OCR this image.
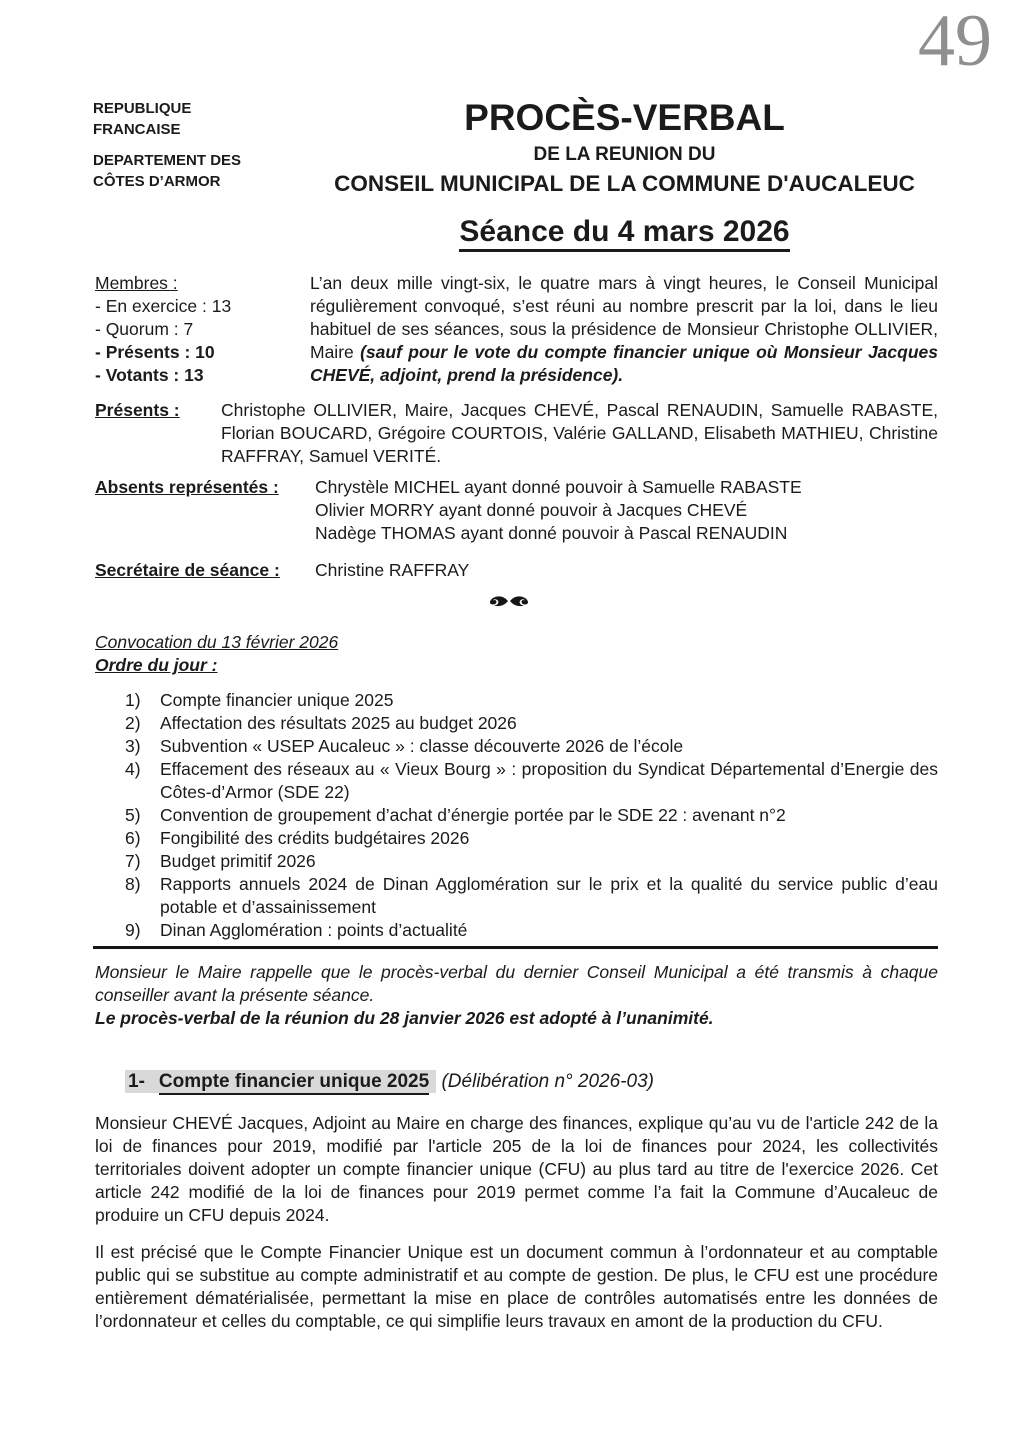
49
REPUBLIQUE
FRANCAISE
DEPARTEMENT DES
CÔTES D’ARMOR
PROCÈS-VERBAL
DE LA REUNION DU
CONSEIL MUNICIPAL DE LA COMMUNE D'AUCALEUC
Séance du 4 mars 2026
Membres :
- En exercice : 13
- Quorum : 7
- Présents : 10
- Votants : 13
L’an deux mille vingt-six, le quatre mars à vingt heures, le Conseil Municipal régulièrement convoqué, s’est réuni au nombre prescrit par la loi, dans le lieu habituel de ses séances, sous la présidence de Monsieur Christophe OLLIVIER, Maire (sauf pour le vote du compte financier unique où Monsieur Jacques CHEVÉ, adjoint, prend la présidence).
Présents :	Christophe OLLIVIER, Maire, Jacques CHEVÉ, Pascal RENAUDIN, Samuelle RABASTE, Florian BOUCARD, Grégoire COURTOIS, Valérie GALLAND, Elisabeth MATHIEU, Christine RAFFRAY, Samuel VERITÉ.
Absents représentés :	Chrystèle MICHEL ayant donné pouvoir à Samuelle RABASTE
Olivier MORRY ayant donné pouvoir à Jacques CHEVÉ
Nadège THOMAS ayant donné pouvoir à Pascal RENAUDIN
Secrétaire de séance :	Christine RAFFRAY
Convocation du 13 février 2026
Ordre du jour :
1)	Compte financier unique 2025
2)	Affectation des résultats 2025 au budget 2026
3)	Subvention « USEP Aucaleuc » : classe découverte 2026 de l’école
4)	Effacement des réseaux au « Vieux Bourg » : proposition du Syndicat Départemental d’Energie des Côtes-d’Armor (SDE 22)
5)	Convention de groupement d’achat d’énergie portée par le SDE 22 : avenant n°2
6)	Fongibilité des crédits budgétaires 2026
7)	Budget primitif 2026
8)	Rapports annuels 2024 de Dinan Agglomération sur le prix et la qualité du service public d’eau potable et d’assainissement
9)	Dinan Agglomération : points d’actualité
Monsieur le Maire rappelle que le procès-verbal du dernier Conseil Municipal a été transmis à chaque conseiller avant la présente séance.
Le procès-verbal de la réunion du 28 janvier 2026 est adopté à l’unanimité.
1- Compte financier unique 2025 (Délibération n° 2026-03)
Monsieur CHEVÉ Jacques, Adjoint au Maire en charge des finances, explique qu’au vu de l'article 242 de la loi de finances pour 2019, modifié par l'article 205 de la loi de finances pour 2024, les collectivités territoriales doivent adopter un compte financier unique (CFU) au plus tard au titre de l'exercice 2026. Cet article 242 modifié de la loi de finances pour 2019 permet comme l’a fait la Commune d’Aucaleuc de produire un CFU depuis 2024.
Il est précisé que le Compte Financier Unique est un document commun à l’ordonnateur et au comptable public qui se substitue au compte administratif et au compte de gestion. De plus, le CFU est une procédure entièrement dématérialisée, permettant la mise en place de contrôles automatisés entre les données de l’ordonnateur et celles du comptable, ce qui simplifie leurs travaux en amont de la production du CFU.
